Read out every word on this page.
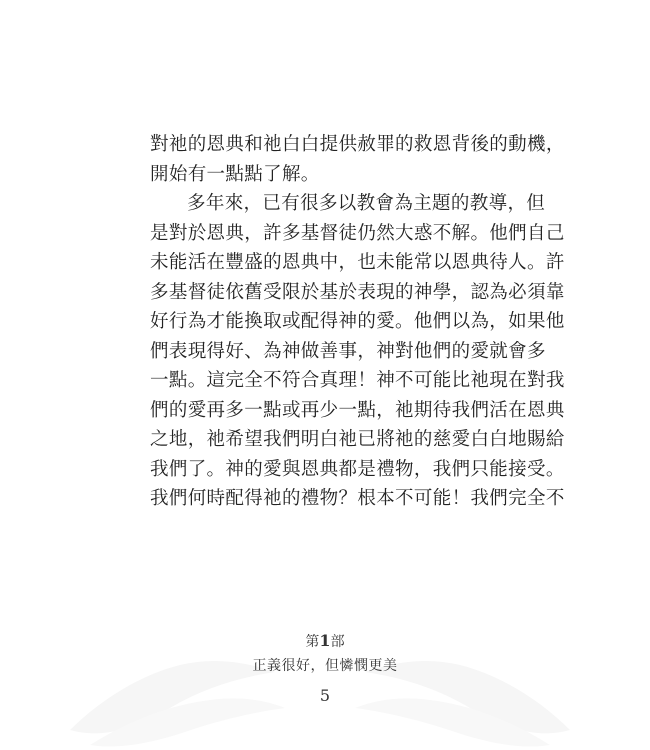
對祂的恩典和祂白白提供赦罪的救恩背後的動機，
開始有一點點了解。
多年來，已有很多以教會為主題的教導，但
是對於恩典，許多基督徒仍然大惑不解。他們自己
未能活在豐盛的恩典中，也未能常以恩典待人。許
多基督徒依舊受限於基於表現的神學，認為必須靠
好行為才能換取或配得神的愛。他們以為，如果他
們表現得好、為神做善事，神對他們的愛就會多
一點。這完全不符合真理！神不可能比祂現在對我
們的愛再多一點或再少一點，祂期待我們活在恩典
之地，祂希望我們明白祂已將祂的慈愛白白地賜給
我們了。神的愛與恩典都是禮物，我們只能接受。
我們何時配得祂的禮物？根本不可能！我們完全不
第1部
正義很好，但憐憫更美
5
